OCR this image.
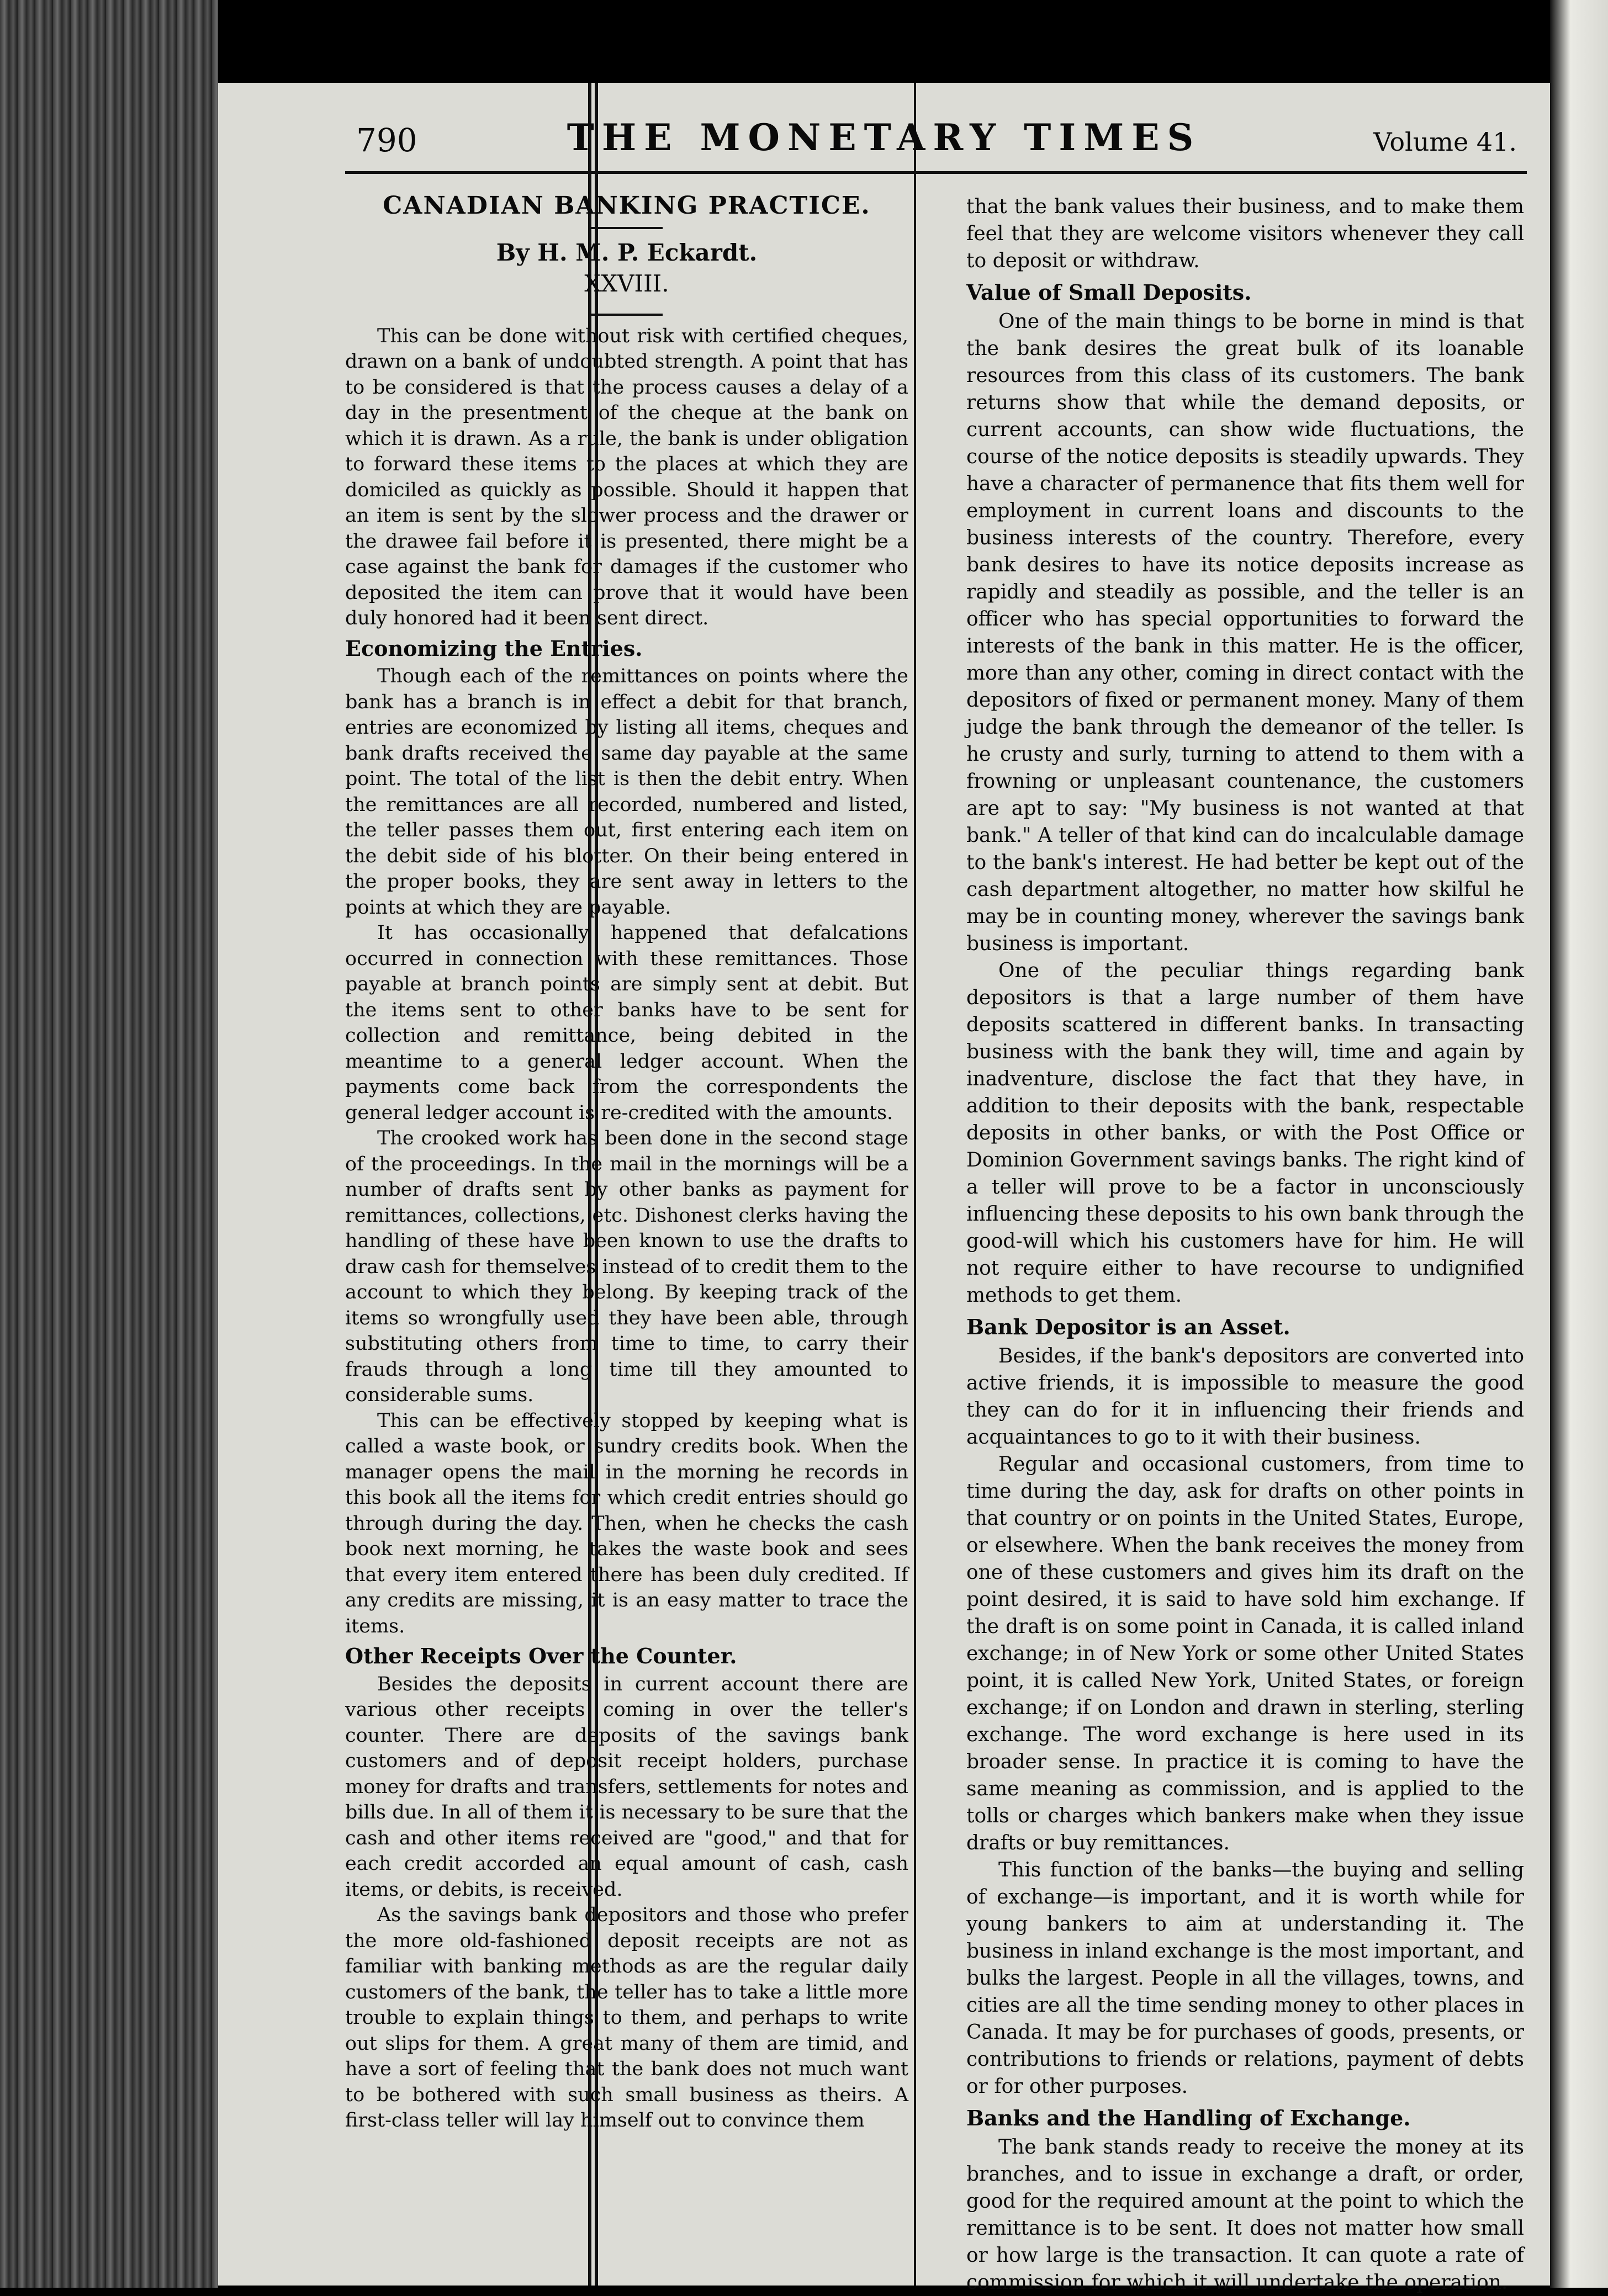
790	THE MONETARY TIMES	Volume 41.
CANADIAN BANKING PRACTICE.
By H. M. P. Eckardt.
XXVIII.

This can be done without risk with certified cheques, drawn on a bank of undoubted strength. A point that has to be considered is that the process causes a delay of a day in the presentment of the cheque at the bank on which it is drawn. As a rule, the bank is under obligation to forward these items to the places at which they are domiciled as quickly as possible. Should it happen that an item is sent by the slower process and the drawer or the drawee fail before it is presented, there might be a case against the bank for damages if the customer who deposited the item can prove that it would have been duly honored had it been sent direct.

Economizing the Entries.

Though each of the remittances on points where the bank has a branch is in effect a debit for that branch, entries are economized by listing all items, cheques and bank drafts received the same day payable at the same point. The total of the list is then the debit entry. When the remittances are all recorded, numbered and listed, the teller passes them out, first entering each item on the debit side of his blotter. On their being entered in the proper books, they are sent away in letters to the points at which they are payable.

It has occasionally happened that defalcations occurred in connection with these remittances. Those payable at branch points are simply sent at debit. But the items sent to other banks have to be sent for collection and remittance, being debited in the meantime to a general ledger account. When the payments come back from the correspondents the general ledger account is re-credited with the amounts.

The crooked work has been done in the second stage of the proceedings. In the mail in the mornings will be a number of drafts sent by other banks as payment for remittances, collections, etc. Dishonest clerks having the handling of these have been known to use the drafts to draw cash for themselves instead of to credit them to the account to which they belong. By keeping track of the items so wrongfully used they have been able, through substituting others from time to time, to carry their frauds through a long time till they amounted to considerable sums.

This can be effectively stopped by keeping what is called a waste book, or sundry credits book. When the manager opens the mail in the morning he records in this book all the items for which credit entries should go through during the day. Then, when he checks the cash book next morning, he takes the waste book and sees that every item entered there has been duly credited. If any credits are missing, it is an easy matter to trace the items.

Other Receipts Over the Counter.

Besides the deposits in current account there are various other receipts coming in over the teller's counter. There are deposits of the savings bank customers and of deposit receipt holders, purchase money for drafts and transfers, settlements for notes and bills due. In all of them it is necessary to be sure that the cash and other items received are "good," and that for each credit accorded an equal amount of cash, cash items, or debits, is received.

As the savings bank depositors and those who prefer the more old-fashioned deposit receipts are not as familiar with banking methods as are the regular daily customers of the bank, the teller has to take a little more trouble to explain things to them, and perhaps to write out slips for them. A great many of them are timid, and have a sort of feeling that the bank does not much want to be bothered with such small business as theirs. A first-class teller will lay himself out to convince them

that the bank values their business, and to make them feel that they are welcome visitors whenever they call to deposit or withdraw.

Value of Small Deposits.

One of the main things to be borne in mind is that the bank desires the great bulk of its loanable resources from this class of its customers. The bank returns show that while the demand deposits, or current accounts, can show wide fluctuations, the course of the notice deposits is steadily upwards. They have a character of permanence that fits them well for employment in current loans and discounts to the business interests of the country. Therefore, every bank desires to have its notice deposits increase as rapidly and steadily as possible, and the teller is an officer who has special opportunities to forward the interests of the bank in this matter. He is the officer, more than any other, coming in direct contact with the depositors of fixed or permanent money. Many of them judge the bank through the demeanor of the teller. Is he crusty and surly, turning to attend to them with a frowning or unpleasant countenance, the customers are apt to say: "My business is not wanted at that bank." A teller of that kind can do incalculable damage to the bank's interest. He had better be kept out of the cash department altogether, no matter how skilful he may be in counting money, wherever the savings bank business is important.

One of the peculiar things regarding bank depositors is that a large number of them have deposits scattered in different banks. In transacting business with the bank they will, time and again by inadventure, disclose the fact that they have, in addition to their deposits with the bank, respectable deposits in other banks, or with the Post Office or Dominion Government savings banks. The right kind of a teller will prove to be a factor in unconsciously influencing these deposits to his own bank through the good-will which his customers have for him. He will not require either to have recourse to undignified methods to get them.

Bank Depositor is an Asset.

Besides, if the bank's depositors are converted into active friends, it is impossible to measure the good they can do for it in influencing their friends and acquaintances to go to it with their business.

Regular and occasional customers, from time to time during the day, ask for drafts on other points in that country or on points in the United States, Europe, or elsewhere. When the bank receives the money from one of these customers and gives him its draft on the point desired, it is said to have sold him exchange. If the draft is on some point in Canada, it is called inland exchange; in of New York or some other United States point, it is called New York, United States, or foreign exchange; if on London and drawn in sterling, sterling exchange. The word exchange is here used in its broader sense. In practice it is coming to have the same meaning as commission, and is applied to the tolls or charges which bankers make when they issue drafts or buy remittances.

This function of the banks—the buying and selling of exchange—is important, and it is worth while for young bankers to aim at understanding it. The business in inland exchange is the most important, and bulks the largest. People in all the villages, towns, and cities are all the time sending money to other places in Canada. It may be for purchases of goods, presents, or contributions to friends or relations, payment of debts or for other purposes.

Banks and the Handling of Exchange.

The bank stands ready to receive the money at its branches, and to issue in exchange a draft, or order, good for the required amount at the point to which the remittance is to be sent. It does not matter how small or how large is the transaction. It can quote a rate of commission for which it will undertake the operation.
